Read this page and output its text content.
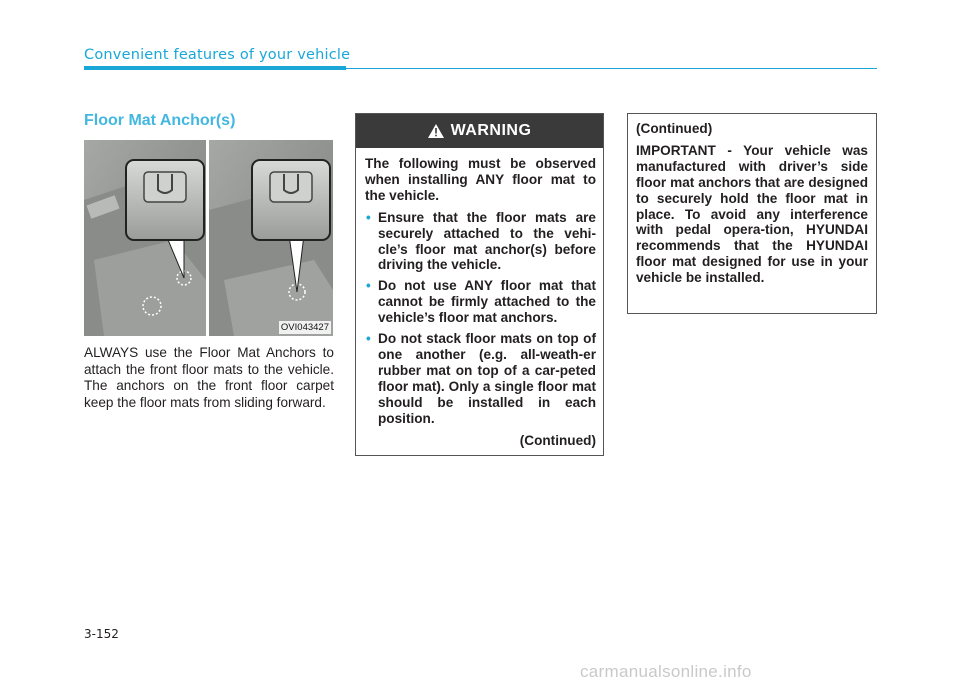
Convenient features of your vehicle
Floor Mat Anchor(s)
OVI043427
ALWAYS use the Floor Mat Anchors to attach the front floor mats to the vehicle. The anchors on the front floor carpet keep the floor mats from sliding forward.
WARNING

The following must be observed when installing ANY floor mat to the vehicle.

• Ensure that the floor mats are securely attached to the vehi-cle’s floor mat anchor(s) before driving the vehicle.
• Do not use ANY floor mat that cannot be firmly attached to the vehicle’s floor mat anchors.
• Do not stack floor mats on top of one another (e.g. all-weath-er rubber mat on top of a car-peted floor mat). Only a single floor mat should be installed in each position.
(Continued)
(Continued)
IMPORTANT - Your vehicle was manufactured with driver’s side floor mat anchors that are designed to securely hold the floor mat in place. To avoid any interference with pedal opera-tion, HYUNDAI recommends that the HYUNDAI floor mat designed for use in your vehicle be installed.
3-152
carmanualsonline.info
